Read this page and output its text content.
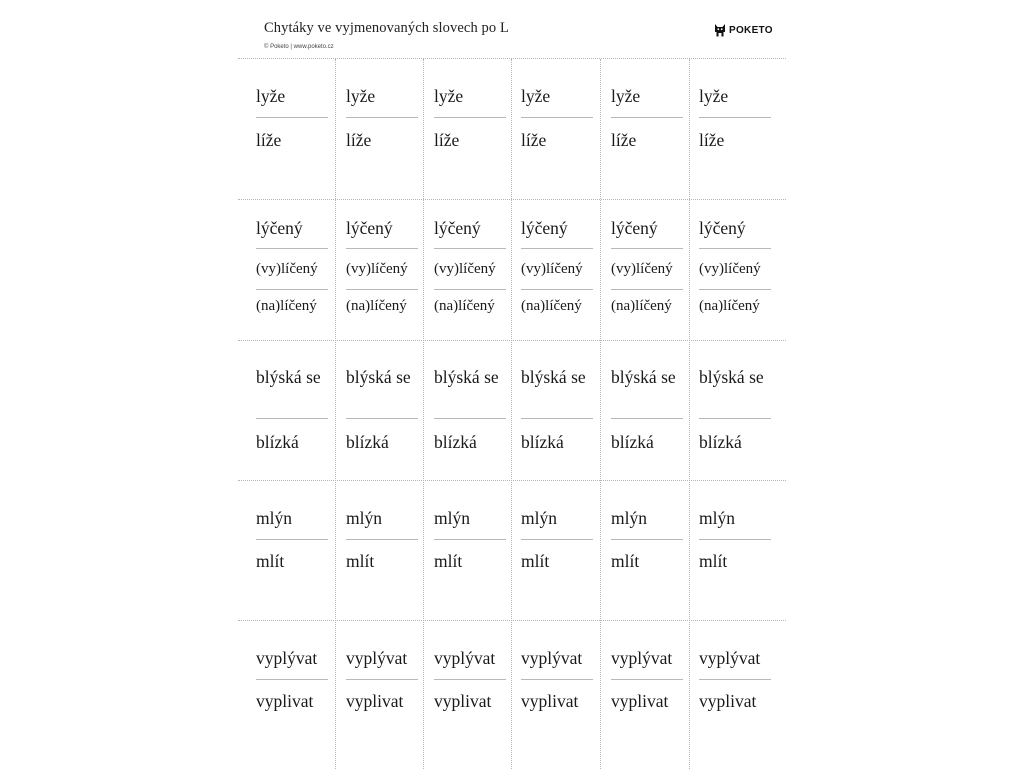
Chytáky ve vyjmenovaných slovech po L
© Poketo | www.poketo.cz
POKETO
lyže
líže
lyže
líže
lyže
líže
lyže
líže
lyže
líže
lyže
líže
lýčený
(vy)líčený
(na)líčený
lýčený
(vy)líčený
(na)líčený
lýčený
(vy)líčený
(na)líčený
lýčený
(vy)líčený
(na)líčený
lýčený
(vy)líčený
(na)líčený
lýčený
(vy)líčený
(na)líčený
blýská se
blízká
blýská se
blízká
blýská se
blízká
blýská se
blízká
blýská se
blízká
blýská se
blízká
mlýn
mlít
mlýn
mlít
mlýn
mlít
mlýn
mlít
mlýn
mlít
mlýn
mlít
vyplývat
vyplivat
vyplývat
vyplivat
vyplývat
vyplivat
vyplývat
vyplivat
vyplývat
vyplivat
vyplývat
vyplivat
